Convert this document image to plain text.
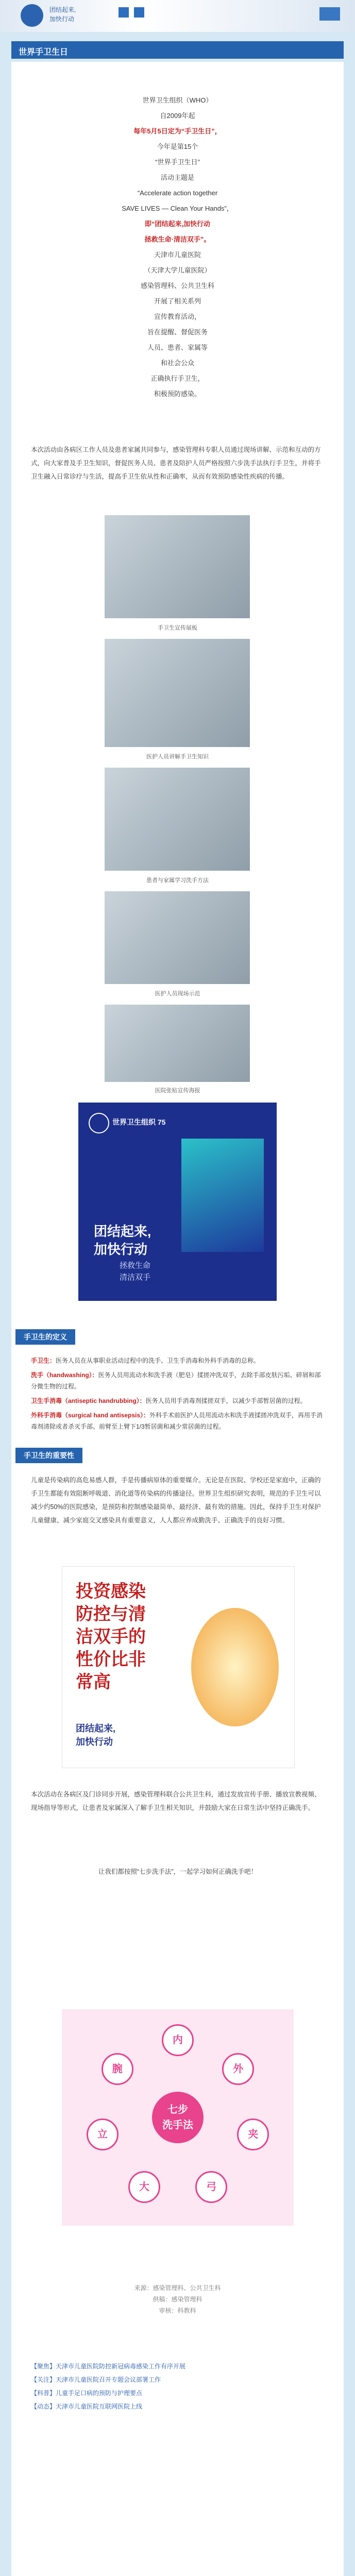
团结起来,
加快行动
世界手卫生日
世界卫生组织（WHO）
自2009年起
每年5月5日定为“手卫生日”，
今年是第15个
“世界手卫生日”
活动主题是
“Accelerate action together
SAVE LIVES — Clean Your Hands”，
即“团结起来,加快行动
拯救生命·清洁双手”。
天津市儿童医院
（天津大学儿童医院）
感染管理科、公共卫生科
开展了相关系列
宣传教育活动，
旨在提醒、督促医务
人员、患者、家属等
和社会公众
正确执行手卫生，
积极预防感染。
本次活动由各病区工作人员及患者家属共同参与，感染管理科专职人员通过现场讲解、示范和互动的方式，向大家普及手卫生知识，督促医务人员、患者及陪护人员严格按照六步洗手法执行手卫生，并将手卫生融入日常诊疗与生活，提高手卫生依从性和正确率，从而有效预防感染性疾病的传播。
手卫生宣传展板
医护人员讲解手卫生知识
患者与家属学习洗手方法
医护人员现场示范
医院张贴宣传海报
世界卫生组织 75
团结起来,
加快行动
拯救生命
清洁双手
手卫生的定义
手卫生：医务人员在从事职业活动过程中的洗手、卫生手消毒和外科手消毒的总称。
洗手（handwashing）：医务人员用流动水和洗手液（肥皂）揉搓冲洗双手，去除手部皮肤污垢、碎屑和部分微生物的过程。
卫生手消毒（antiseptic handrubbing）：医务人员用手消毒剂揉搓双手，以减少手部暂居菌的过程。
外科手消毒（surgical hand antisepsis）：外科手术前医护人员用流动水和洗手液揉搓冲洗双手，再用手消毒剂清除或者杀灭手部、前臂至上臂下1/3暂居菌和减少常居菌的过程。
手卫生的重要性
儿童是传染病的高危易感人群，手是传播病原体的重要媒介。无论是在医院、学校还是家庭中，正确的手卫生都能有效阻断呼吸道、消化道等传染病的传播途径。世界卫生组织研究表明，规范的手卫生可以减少约50%的医院感染，是预防和控制感染最简单、最经济、最有效的措施。因此，保持手卫生对保护儿童健康、减少家庭交叉感染具有重要意义，人人都应养成勤洗手、正确洗手的良好习惯。
投资感染
防控与清
洁双手的
性价比非
常高
团结起来,
加快行动
本次活动在各病区及门诊同步开展，感染管理科联合公共卫生科，通过发放宣传手册、播放宣教视频、现场指导等形式，让患者及家属深入了解手卫生相关知识，并鼓励大家在日常生活中坚持正确洗手。
让我们都按照“七步洗手法”，一起学习如何正确洗手吧！
七步
洗手法
内
外
夹
弓
大
立
腕
来源：感染管理科、公共卫生科
供稿：感染管理科
审核：科教科
【聚焦】天津市儿童医院防控新冠病毒感染工作有序开展
【关注】天津市儿童医院召开专题会议部署工作
【科普】儿童手足口病的预防与护理要点
【动态】天津市儿童医院互联网医院上线
